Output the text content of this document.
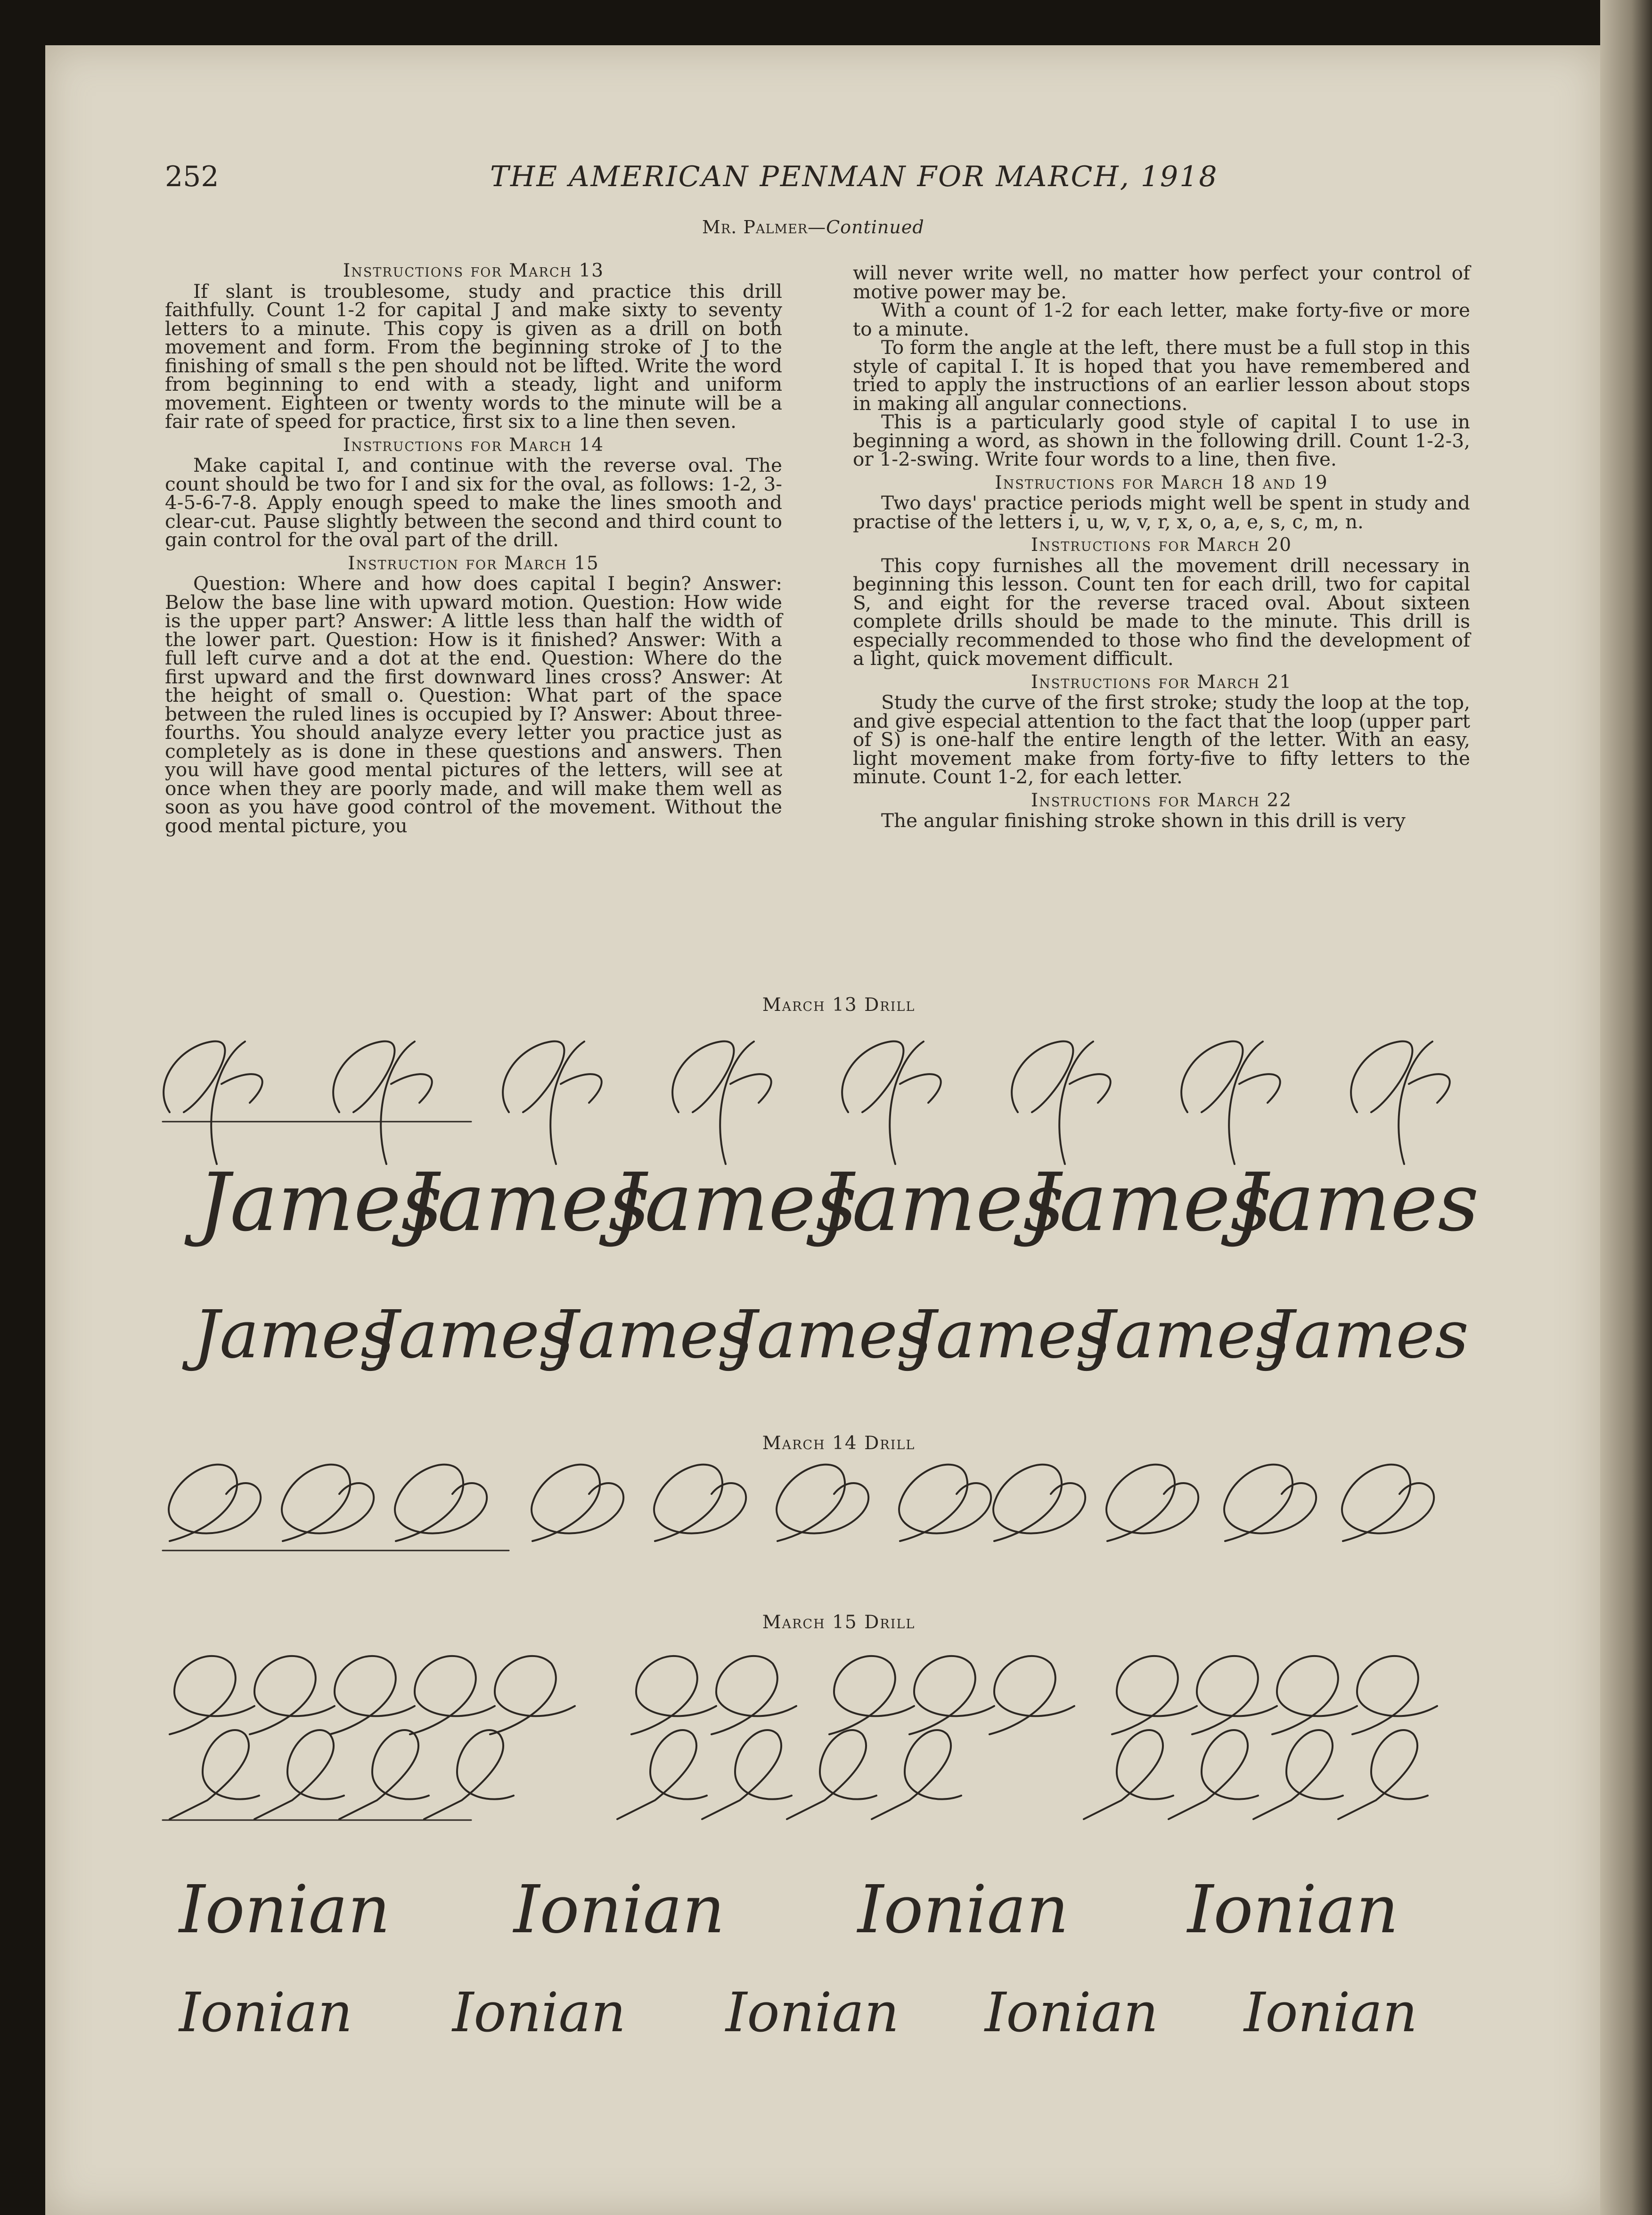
252	THE AMERICAN PENMAN FOR MARCH, 1918
Mr. Palmer—Continued
Instructions for March 13

If slant is troublesome, study and practice this drill faithfully. Count 1-2 for capital J and make sixty to seventy letters to a minute. This copy is given as a drill on both movement and form. From the beginning stroke of J to the finishing of small s the pen should not be lifted. Write the word from beginning to end with a steady, light and uniform movement. Eighteen or twenty words to the minute will be a fair rate of speed for practice, first six to a line then seven.

Instructions for March 14

Make capital I, and continue with the reverse oval. The count should be two for I and six for the oval, as follows: 1-2, 3-4-5-6-7-8. Apply enough speed to make the lines smooth and clear-cut. Pause slightly between the second and third count to gain control for the oval part of the drill.

Instruction for March 15

Question: Where and how does capital I begin? Answer: Below the base line with upward motion. Question: How wide is the upper part? Answer: A little less than half the width of the lower part. Question: How is it finished? Answer: With a full left curve and a dot at the end. Question: Where do the first upward and the first downward lines cross? Answer: At the height of small o. Question: What part of the space between the ruled lines is occupied by I? Answer: About three-fourths. You should analyze every letter you practice just as completely as is done in these questions and answers. Then you will have good mental pictures of the letters, will see at once when they are poorly made, and will make them well as soon as you have good control of the movement. Without the good mental picture, you

will never write well, no matter how perfect your control of motive power may be.

With a count of 1-2 for each letter, make forty-five or more to a minute.

To form the angle at the left, there must be a full stop in this style of capital I. It is hoped that you have remembered and tried to apply the instructions of an earlier lesson about stops in making all angular connections.

This is a particularly good style of capital I to use in beginning a word, as shown in the following drill. Count 1-2-3, or 1-2-swing. Write four words to a line, then five.

Instructions for March 18 and 19

Two days' practice periods might well be spent in study and practise of the letters i, u, w, v, r, x, o, a, e, s, c, m, n.

Instructions for March 20

This copy furnishes all the movement drill necessary in beginning this lesson. Count ten for each drill, two for capital S, and eight for the reverse traced oval. About sixteen complete drills should be made to the minute. This drill is especially recommended to those who find the development of a light, quick movement difficult.

Instructions for March 21

Study the curve of the first stroke; study the loop at the top, and give especial attention to the fact that the loop (upper part of S) is one-half the entire length of the letter. With an easy, light movement make from forty-five to fifty letters to the minute. Count 1-2, for each letter.

Instructions for March 22

The angular finishing stroke shown in this drill is very

March 13 Drill
March 14 Drill
March 15 Drill
James
James
James
James
James
James
James
James
James
James
James
James
James
Ionian Ionian Ionian Ionian
Ionian Ionian Ionian Ionian Ionian
